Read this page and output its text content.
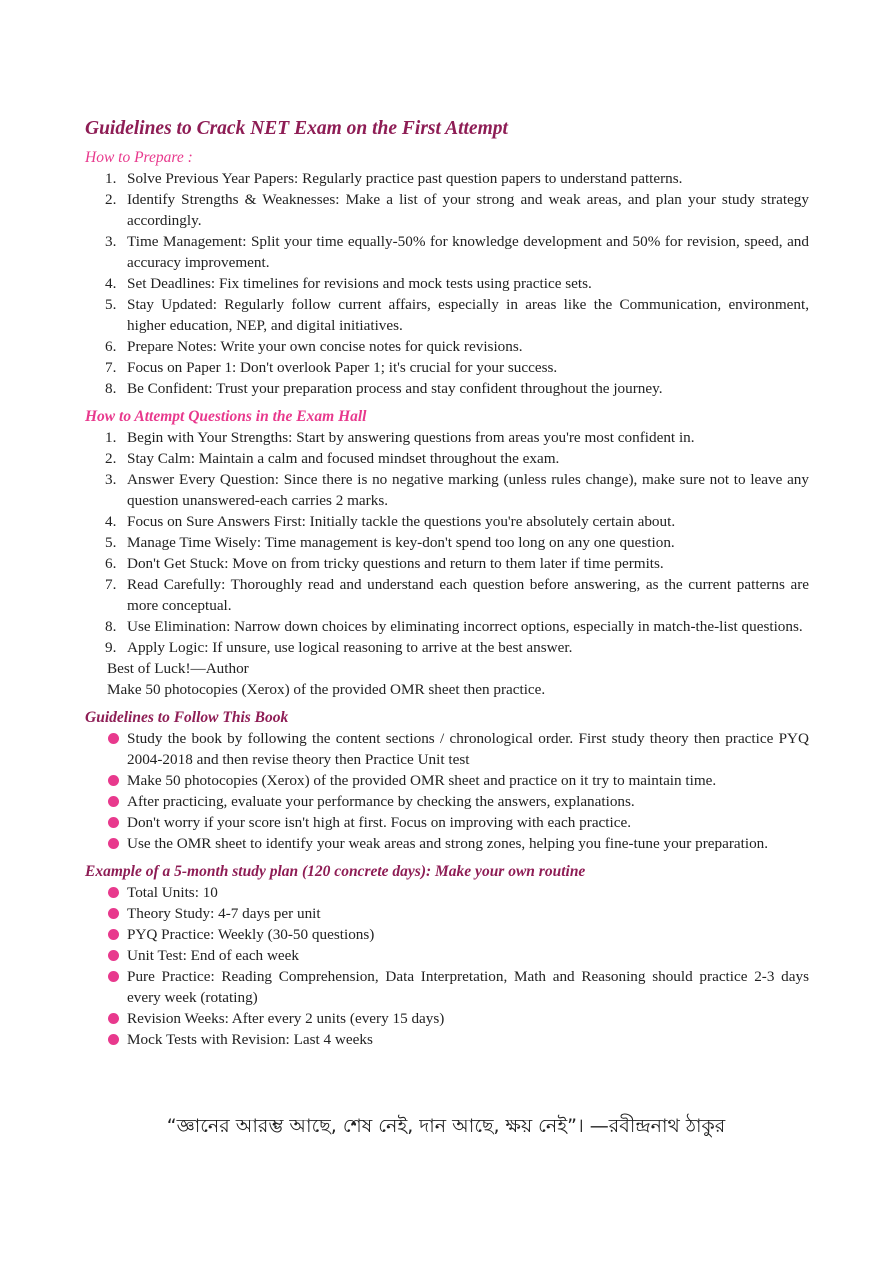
Guidelines to Crack NET Exam on the First Attempt

How to Prepare :

1. Solve Previous Year Papers: Regularly practice past question papers to understand patterns.
2. Identify Strengths & Weaknesses: Make a list of your strong and weak areas, and plan your study strategy accordingly.
3. Time Management: Split your time equally-50% for knowledge development and 50% for revision, speed, and accuracy improvement.
4. Set Deadlines: Fix timelines for revisions and mock tests using practice sets.
5. Stay Updated: Regularly follow current affairs, especially in areas like the Communication, environment, higher education, NEP, and digital initiatives.
6. Prepare Notes: Write your own concise notes for quick revisions.
7. Focus on Paper 1: Don't overlook Paper 1; it's crucial for your success.
8. Be Confident: Trust your preparation process and stay confident throughout the journey.

How to Attempt Questions in the Exam Hall

1. Begin with Your Strengths: Start by answering questions from areas you're most confident in.
2. Stay Calm: Maintain a calm and focused mindset throughout the exam.
3. Answer Every Question: Since there is no negative marking (unless rules change), make sure not to leave any question unanswered-each carries 2 marks.
4. Focus on Sure Answers First: Initially tackle the questions you're absolutely certain about.
5. Manage Time Wisely: Time management is key-don't spend too long on any one question.
6. Don't Get Stuck: Move on from tricky questions and return to them later if time permits.
7. Read Carefully: Thoroughly read and understand each question before answering, as the current patterns are more conceptual.
8. Use Elimination: Narrow down choices by eliminating incorrect options, especially in match-the-list questions.
9. Apply Logic: If unsure, use logical reasoning to arrive at the best answer.
Best of Luck!—Author
Make 50 photocopies (Xerox) of the provided OMR sheet then practice.

Guidelines to Follow This Book

Study the book by following the content sections / chronological order. First study theory then practice PYQ 2004-2018 and then revise theory then Practice Unit test
Make 50 photocopies (Xerox) of the provided OMR sheet and practice on it try to maintain time.
After practicing, evaluate your performance by checking the answers, explanations.
Don't worry if your score isn't high at first. Focus on improving with each practice.
Use the OMR sheet to identify your weak areas and strong zones, helping you fine-tune your preparation.

Example of a 5-month study plan (120 concrete days): Make your own routine

Total Units: 10
Theory Study: 4-7 days per unit
PYQ Practice: Weekly (30-50 questions)
Unit Test: End of each week
Pure Practice: Reading Comprehension, Data Interpretation, Math and Reasoning should practice 2-3 days every week (rotating)
Revision Weeks: After every 2 units (every 15 days)
Mock Tests with Revision: Last 4 weeks
“জ্ঞানের আরম্ভ আছে, শেষ নেই, দান আছে, ক্ষয় নেই”। —রবীন্দ্রনাথ ঠাকুর
